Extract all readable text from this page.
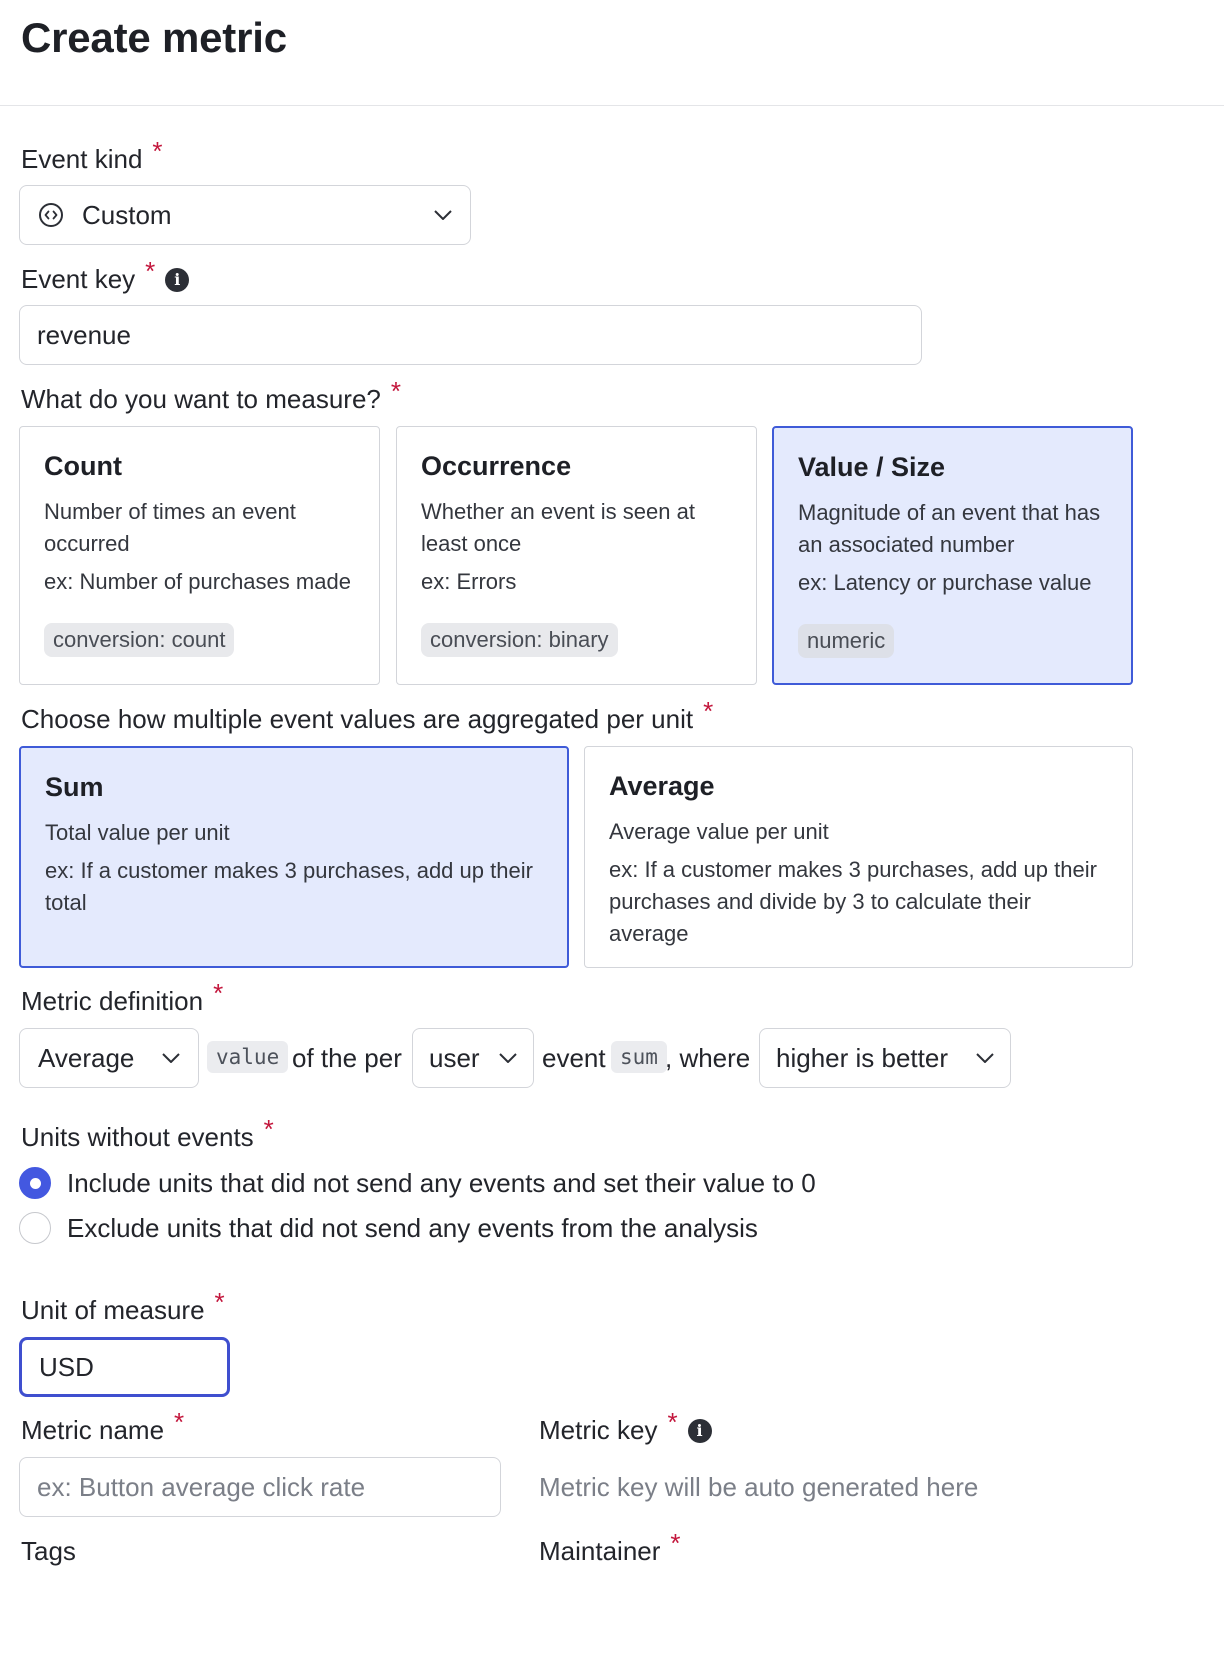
Create metric
Event kind *
Custom
Event key *	i
revenue
What do you want to measure? *
Count
Number of times an event occurred
ex: Number of purchases made
conversion: count
Occurrence
Whether an event is seen at least once
ex: Errors
conversion: binary
Value / Size
Magnitude of an event that has an associated number
ex: Latency or purchase value
numeric
Choose how multiple event values are aggregated per unit *
Sum
Total value per unit
ex: If a customer makes 3 purchases, add up their total
Average
Average value per unit
ex: If a customer makes 3 purchases, add up their purchases and divide by 3 to calculate their average
Metric definition *
Average	value of the per user event sum , where higher is better
Units without events *
Include units that did not send any events and set their value to 0
Exclude units that did not send any events from the analysis
Unit of measure *
USD
Metric name *
ex: Button average click rate
Metric key *	i
Metric key will be auto generated here
Tags	Maintainer *
